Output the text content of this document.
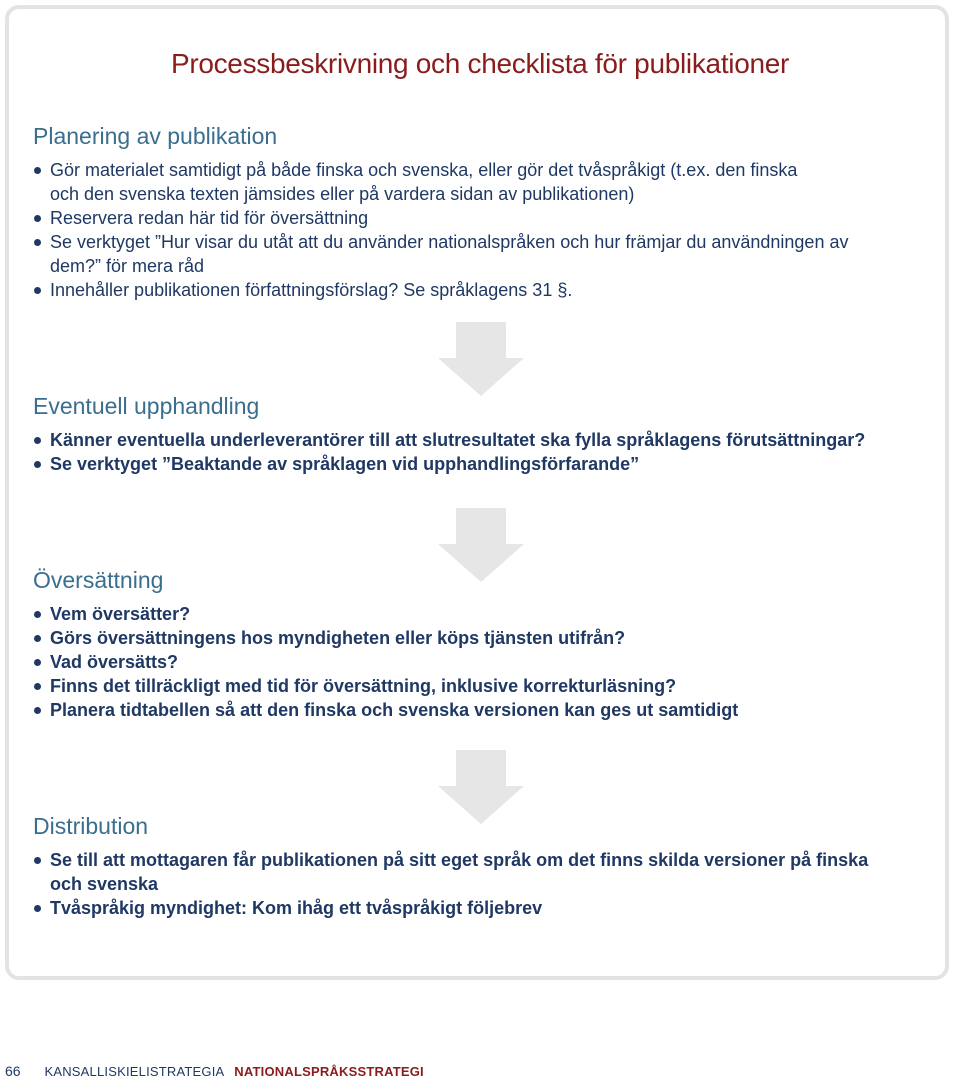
Processbeskrivning och checklista för publikationer
Planering av publikation
Gör materialet samtidigt på både finska och svenska, eller gör det tvåspråkigt (t.ex. den finska och den svenska texten jämsides eller på vardera sidan av publikationen)
Reservera redan här tid för översättning
Se verktyget ”Hur visar du utåt att du använder nationalspråken och hur främjar du användningen av dem?” för mera råd
Innehåller publikationen författningsförslag? Se språklagens 31 §.
Eventuell upphandling
Känner eventuella underleverantörer till att slutresultatet ska fylla språklagens förutsättningar?
Se verktyget ”Beaktande av språklagen vid upphandlingsförfarande”
Översättning
Vem översätter?
Görs översättningens hos myndigheten eller köps tjänsten utifrån?
Vad översätts?
Finns det tillräckligt med tid för översättning, inklusive korrekturläsning?
Planera tidtabellen så att den finska och svenska versionen kan ges ut samtidigt
Distribution
Se till att mottagaren får publikationen på sitt eget språk om det finns skilda versioner på finska och svenska
Tvåspråkig myndighet: Kom ihåg ett tvåspråkigt följebrev
66 KANSALLISKIELISTRATEGIA NATIONALSPRÅKSSTRATEGI
